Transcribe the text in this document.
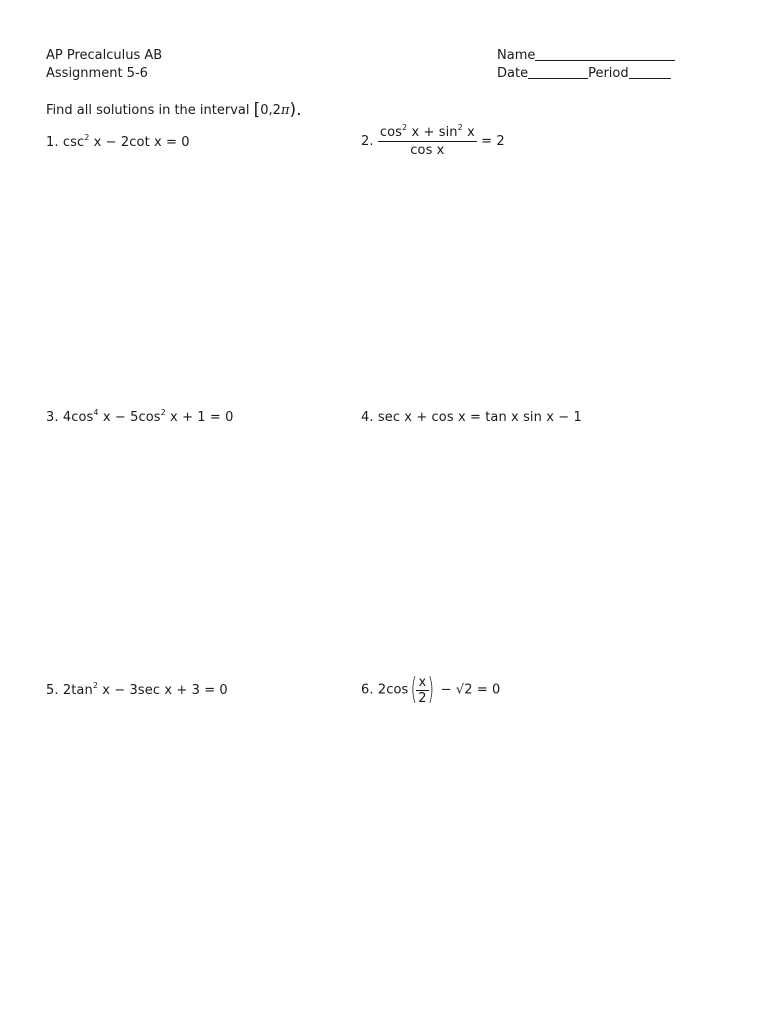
AP Precalculus AB
Assignment 5-6
Name
Date	Period
Find all solutions in the interval [0,2π).
1. $\csc^2 x - 2\cot$ x = 0	2. $\frac{\cos^2 x + \sin^2 x}{\text{cos x}} = 2$
3. $4\cos^4$ $x - 5\cos^2$ x + 1 = 0	4. sec x + cos x = tan x sin x − 1
5. $2\tan^2$ x − 3sec x + 3 = 0	6. 2cos(
$\frac{x}{2}$
) − √2 = 0
